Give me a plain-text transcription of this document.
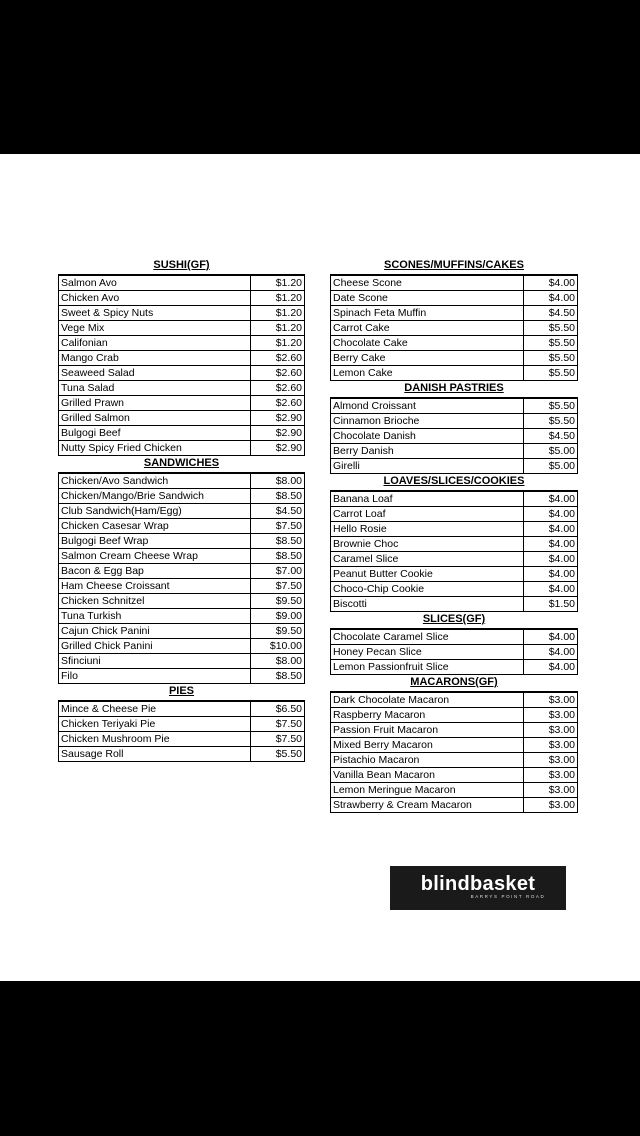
SUSHI(GF)
Salmon Avo	$1.20
Chicken Avo	$1.20
Sweet & Spicy Nuts	$1.20
Vege Mix	$1.20
Califonian	$1.20
Mango Crab	$2.60
Seaweed Salad	$2.60
Tuna Salad	$2.60
Grilled Prawn	$2.60
Grilled Salmon	$2.90
Bulgogi Beef	$2.90
Nutty Spicy Fried Chicken	$2.90
SANDWICHES
Chicken/Avo Sandwich	$8.00
Chicken/Mango/Brie Sandwich	$8.50
Club Sandwich(Ham/Egg)	$4.50
Chicken Casesar Wrap	$7.50
Bulgogi Beef Wrap	$8.50
Salmon Cream Cheese Wrap	$8.50
Bacon & Egg Bap	$7.00
Ham Cheese Croissant	$7.50
Chicken Schnitzel	$9.50
Tuna Turkish	$9.00
Cajun Chick Panini	$9.50
Grilled Chick Panini	$10.00
Sfinciuni	$8.00
Filo	$8.50
PIES
Mince & Cheese Pie	$6.50
Chicken Teriyaki Pie	$7.50
Chicken Mushroom Pie	$7.50
Sausage Roll	$5.50
SCONES/MUFFINS/CAKES
Cheese Scone	$4.00
Date Scone	$4.00
Spinach Feta Muffin	$4.50
Carrot Cake	$5.50
Chocolate Cake	$5.50
Berry Cake	$5.50
Lemon Cake	$5.50
DANISH PASTRIES
Almond Croissant	$5.50
Cinnamon Brioche	$5.50
Chocolate Danish	$4.50
Berry Danish	$5.00
Girelli	$5.00
LOAVES/SLICES/COOKIES
Banana Loaf	$4.00
Carrot Loaf	$4.00
Hello Rosie	$4.00
Brownie Choc	$4.00
Caramel Slice	$4.00
Peanut Butter Cookie	$4.00
Choco-Chip Cookie	$4.00
Biscotti	$1.50
SLICES(GF)
Chocolate Caramel Slice	$4.00
Honey Pecan Slice	$4.00
Lemon Passionfruit Slice	$4.00
MACARONS(GF)
Dark Chocolate Macaron	$3.00
Raspberry Macaron	$3.00
Passion Fruit Macaron	$3.00
Mixed Berry Macaron	$3.00
Pistachio Macaron	$3.00
Vanilla Bean Macaron	$3.00
Lemon Meringue Macaron	$3.00
Strawberry & Cream Macaron	$3.00
blindbasket
BARRYS POINT ROAD
